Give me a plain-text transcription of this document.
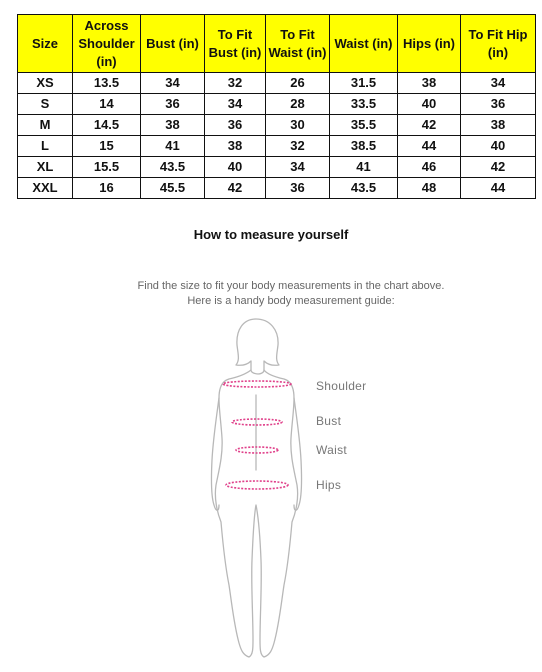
Size	Across Shoulder (in)	Bust (in)	To Fit Bust (in)	To Fit Waist (in)	Waist (in)	Hips (in)	To Fit Hip (in)
XS	13.5	34	32	26	31.5	38	34
S	14	36	34	28	33.5	40	36
M	14.5	38	36	30	35.5	42	38
L	15	41	38	32	38.5	44	40
XL	15.5	43.5	40	34	41	46	42
XXL	16	45.5	42	36	43.5	48	44
How to measure yourself
Find the size to fit your body measurements in the chart above.
Here is a handy body measurement guide:
Shoulder
Bust
Waist
Hips
